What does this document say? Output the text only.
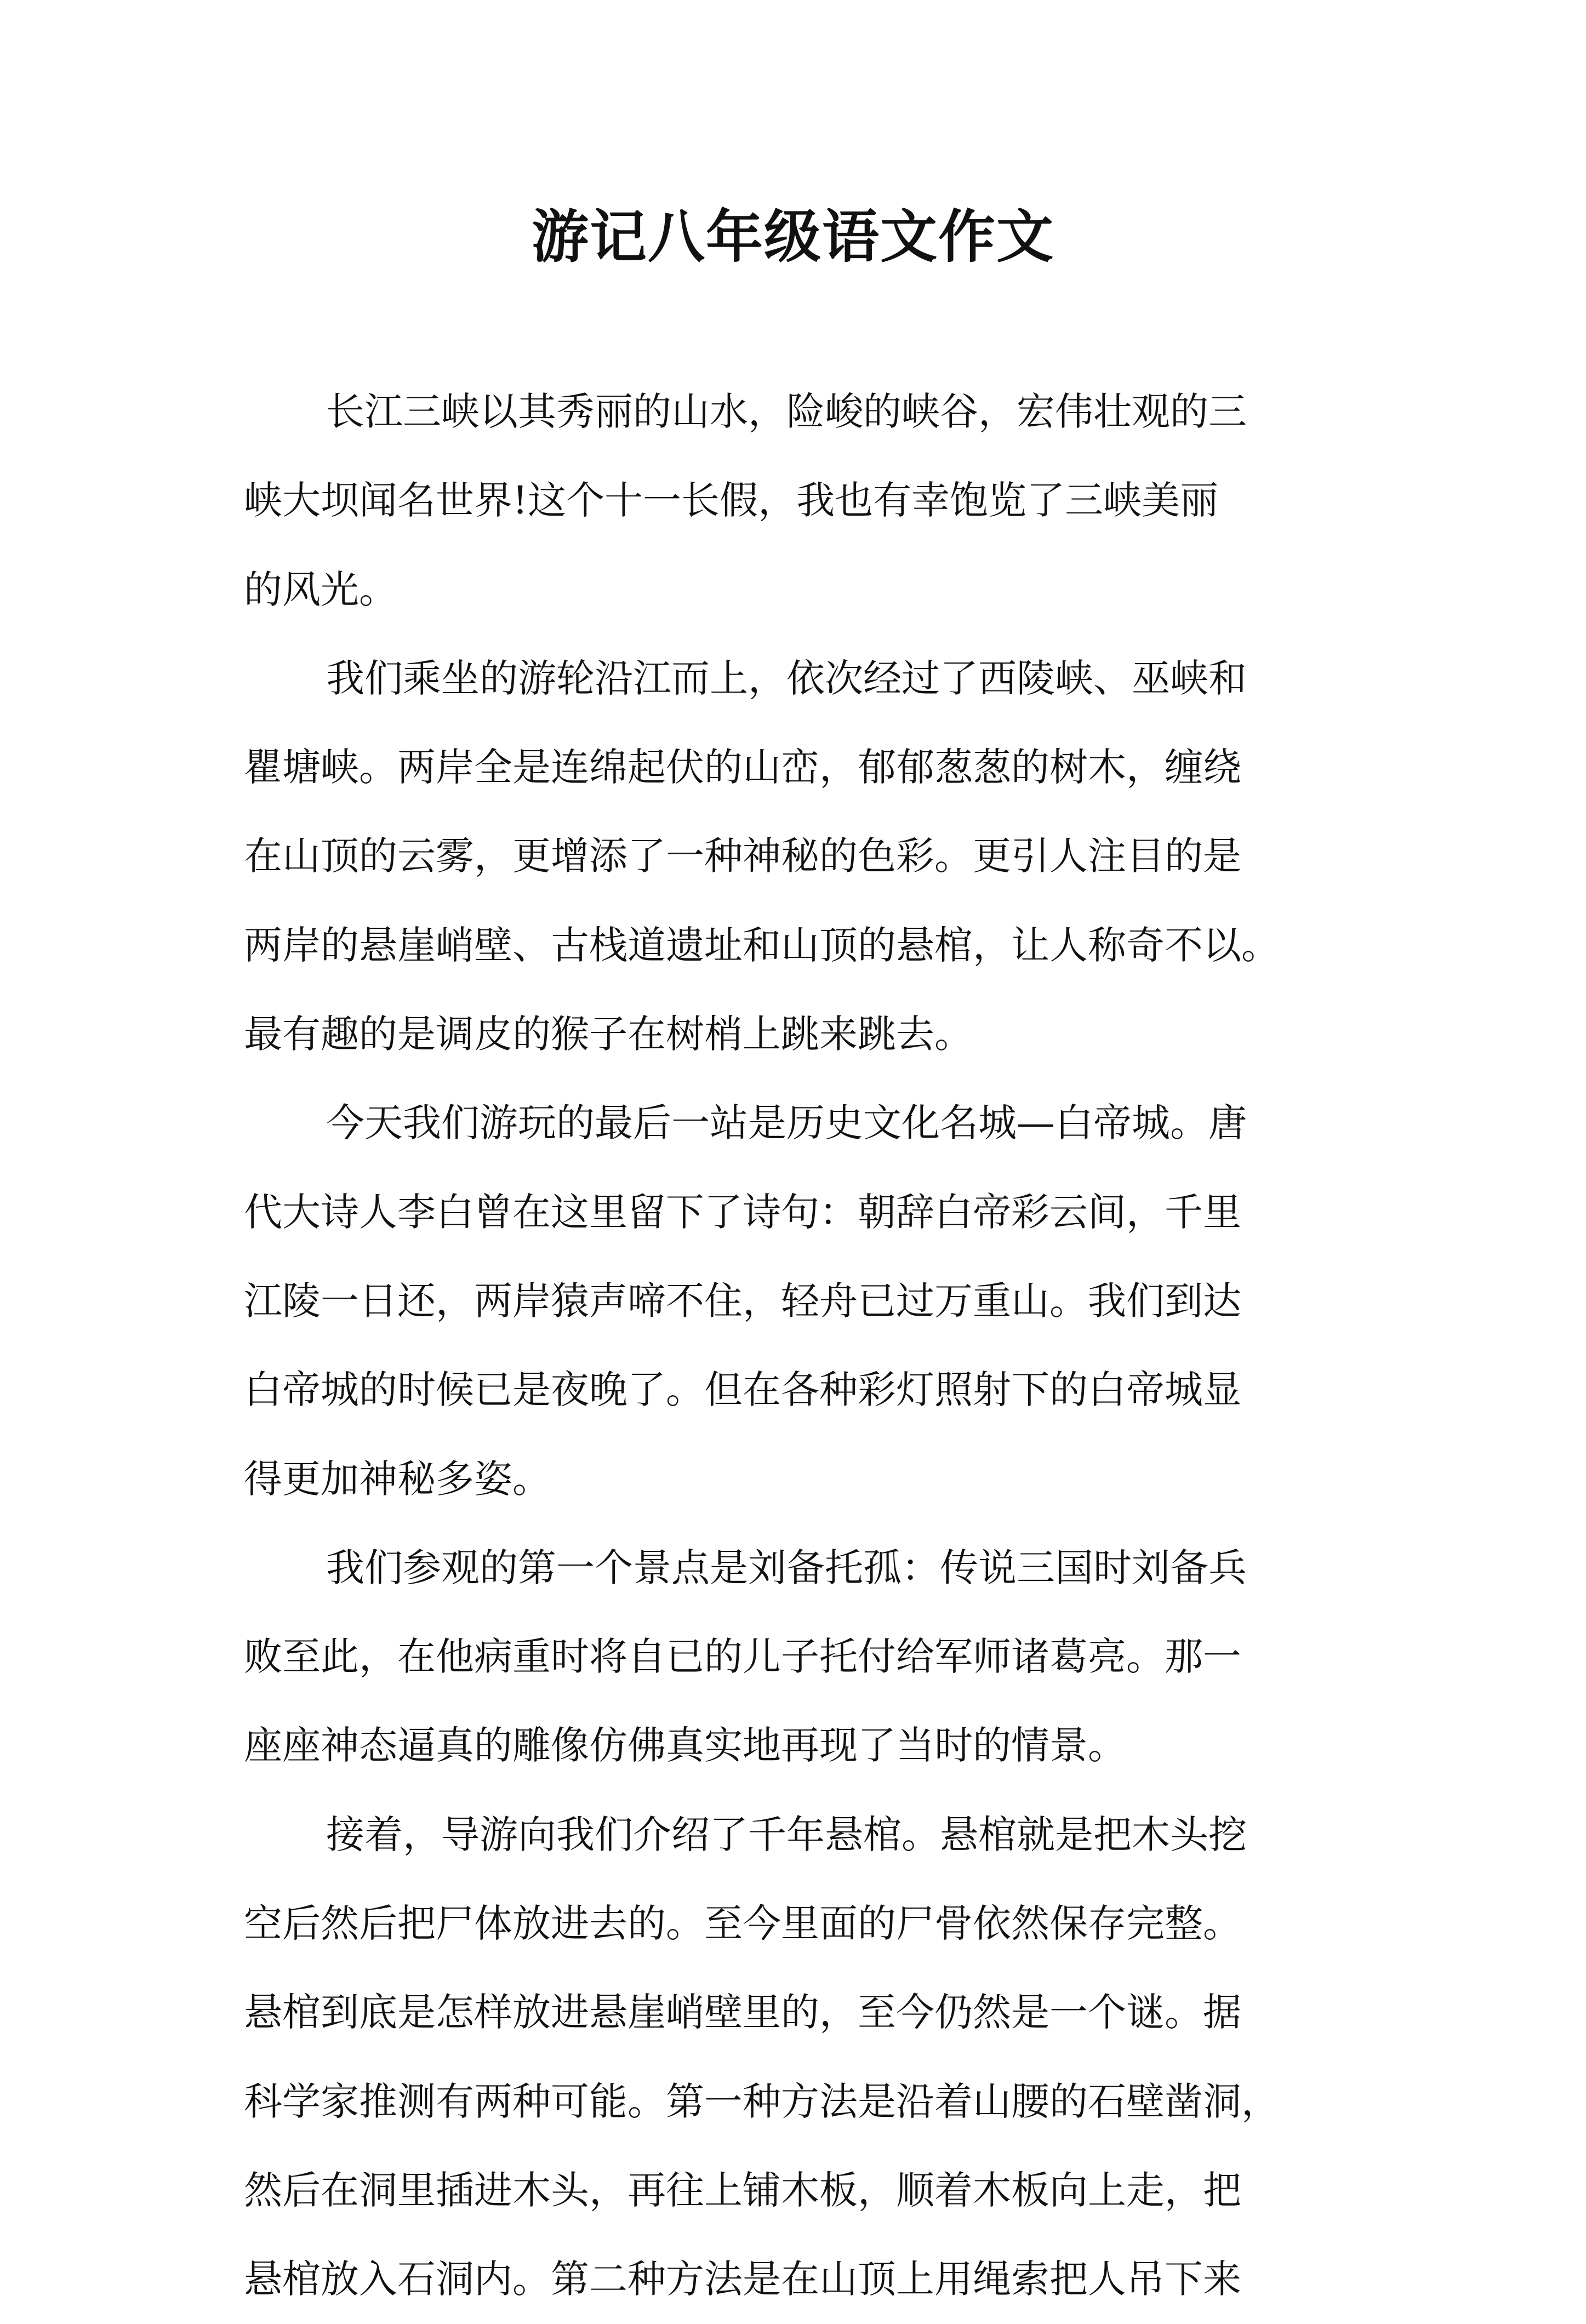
游记八年级语文作文
长江三峡以其秀丽的山水，险峻的峡谷，宏伟壮观的三
峡大坝闻名世界!这个十一长假，我也有幸饱览了三峡美丽
的风光。
我们乘坐的游轮沿江而上，依次经过了西陵峡、巫峡和
瞿塘峡。两岸全是连绵起伏的山峦，郁郁葱葱的树木，缠绕
在山顶的云雾，更增添了一种神秘的色彩。更引人注目的是
两岸的悬崖峭壁、古栈道遗址和山顶的悬棺，让人称奇不以。
最有趣的是调皮的猴子在树梢上跳来跳去。
今天我们游玩的最后一站是历史文化名城—白帝城。唐
代大诗人李白曾在这里留下了诗句：朝辞白帝彩云间，千里
江陵一日还，两岸猿声啼不住，轻舟已过万重山。我们到达
白帝城的时候已是夜晚了。但在各种彩灯照射下的白帝城显
得更加神秘多姿。
我们参观的第一个景点是刘备托孤：传说三国时刘备兵
败至此，在他病重时将自已的儿子托付给军师诸葛亮。那一
座座神态逼真的雕像仿佛真实地再现了当时的情景。
接着，导游向我们介绍了千年悬棺。悬棺就是把木头挖
空后然后把尸体放进去的。至今里面的尸骨依然保存完整。
悬棺到底是怎样放进悬崖峭壁里的，至今仍然是一个谜。据
科学家推测有两种可能。第一种方法是沿着山腰的石壁凿洞，
然后在洞里插进木头，再往上铺木板，顺着木板向上走，把
悬棺放入石洞内。第二种方法是在山顶上用绳索把人吊下来
